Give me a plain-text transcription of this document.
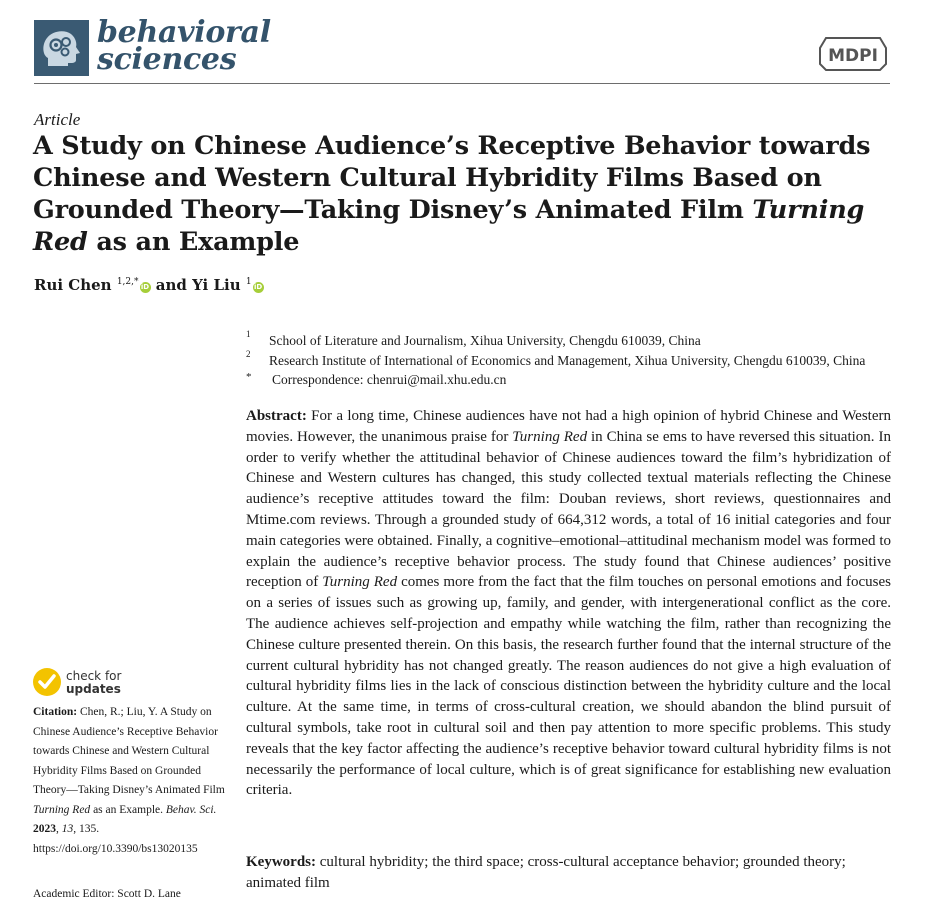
behavioral
sciences	MDPI
Article
A Study on Chinese Audience’s Receptive Behavior towards
Chinese and Western Cultural Hybridity Films Based on
Grounded Theory—Taking Disney’s Animated Film Turning
Red as an Example
Rui Chen $^{1,2,*}$ iD and Yi Liu $^1$ iD
1 School of Literature and Journalism, Xihua University, Chengdu 610039, China
2 Research Institute of International of Economics and Management, Xihua University, Chengdu 610039, China
* Correspondence: chenrui@mail.xhu.edu.cn
Abstract: For a long time, Chinese audiences have not had a high opinion of hybrid Chinese and Western movies. However, the unanimous praise for Turning Red in China se ems to have reversed this situation. In order to verify whether the attitudinal behavior of Chinese audiences toward the film’s hybridization of Chinese and Western cultures has changed, this study collected textual materials reflecting the Chinese audience’s receptive attitudes toward the film: Douban reviews, short reviews, questionnaires and Mtime.com reviews. Through a grounded study of 664,312 words, a total of 16 initial categories and four main categories were obtained. Finally, a cognitive–emotional–attitudinal mechanism model was formed to explain the audience’s receptive behavior process. The study found that Chinese audiences’ positive reception of Turning Red comes more from the fact that the film touches on personal emotions and focuses on a series of issues such as growing up, family, and gender, with intergenerational conflict as the core. The audience achieves self-projection and empathy while watching the film, rather than recognizing the Chinese culture presented therein. On this basis, the research further found that the internal structure of the current cultural hybridity has not changed greatly. The reason audiences do not give a high evaluation of cultural hybridity films lies in the lack of conscious distinction between the hybridity culture and the local culture. At the same time, in terms of cross-cultural creation, we should abandon the blind pursuit of cultural symbols, take root in cultural soil and then pay attention to more specific problems. This study reveals that the key factor affecting the audience’s receptive behavior toward cultural hybridity films is not necessarily the performance of local culture, which is of great significance for establishing new evaluation criteria.
Keywords: cultural hybridity; the third space; cross-cultural acceptance behavior; grounded theory; animated film
check for
updates
Citation: Chen, R.; Liu, Y. A Study on Chinese Audience’s Receptive Behavior towards Chinese and Western Cultural Hybridity Films Based on Grounded Theory—Taking Disney’s Animated Film Turning Red as an Example. Behav. Sci. 2023, 13, 135. https://doi.org/10.3390/bs13020135
Academic Editor: Scott D. Lane
